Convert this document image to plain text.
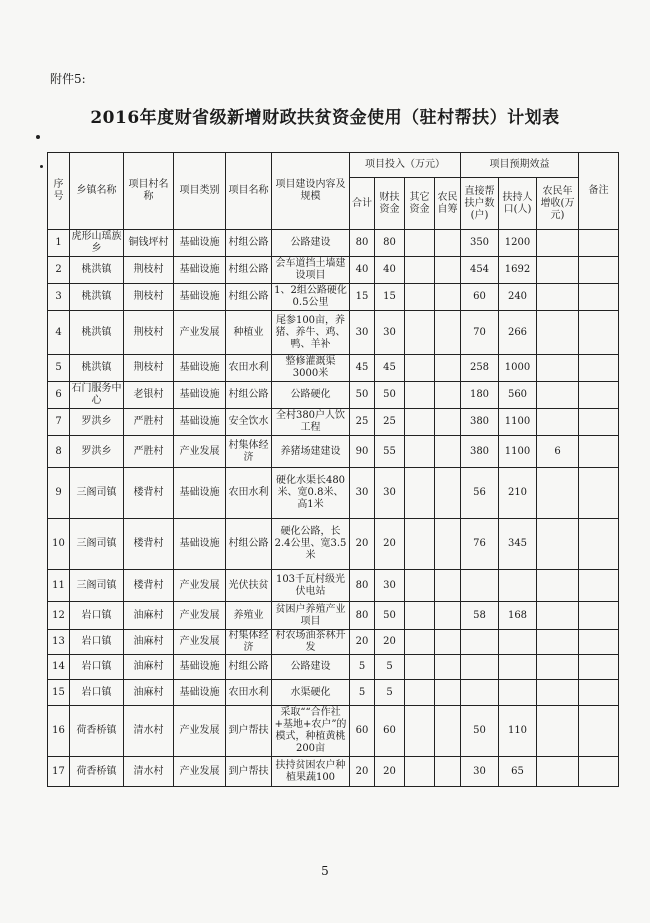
附件5:
2016年度财省级新增财政扶贫资金使用（驻村帮扶）计划表
序号	乡镇名称	项目村名称	项目类别	项目名称	项目建设内容及规模	项目投入（万元）				项目预期效益			备注
						合计	财扶资金	其它资金	农民自筹	直接帮扶户数(户)	扶持人口(人)	农民年增收(万元)	
1	虎形山瑶族乡	铜钱坪村	基础设施	村组公路	公路建设	80	80			350	1200		
2	桃洪镇	荆枝村	基础设施	村组公路	会车道挡土墙建设项目	40	40			454	1692		
3	桃洪镇	荆枝村	基础设施	村组公路	1、2组公路硬化0.5公里	15	15			60	240		
4	桃洪镇	荆枝村	产业发展	种植业	尾参100亩，养猪、养牛、鸡、鸭、羊补	30	30			70	266		
5	桃洪镇	荆枝村	基础设施	农田水利	整修灌溉渠3000米	45	45			258	1000		
6	石门服务中心	老银村	基础设施	村组公路	公路硬化	50	50			180	560		
7	罗洪乡	严胜村	基础设施	安全饮水	全村380户人饮工程	25	25			380	1100		
8	罗洪乡	严胜村	产业发展	村集体经济	养猪场建建设	90	55			380	1100	6	
9	三阁司镇	楼背村	基础设施	农田水利	硬化水渠长480米、宽0.8米、高1米	30	30			56	210		
10	三阁司镇	楼背村	基础设施	村组公路	硬化公路，长2.4公里、宽3.5米	20	20			76	345		
11	三阁司镇	楼背村	产业发展	光伏扶贫	103千瓦村级光伏电站	80	30						
12	岩口镇	油麻村	产业发展	养殖业	贫困户养殖产业项目	80	50			58	168		
13	岩口镇	油麻村	产业发展	村集体经济	村农场油茶林开发	20	20						
14	岩口镇	油麻村	基础设施	村组公路	公路建设	5	5						
15	岩口镇	油麻村	基础设施	农田水利	水渠硬化	5	5						
16	荷香桥镇	清水村	产业发展	到户帮扶	采取““合作社+基地+农户”的模式，种植黄桃200亩	60	60			50	110		
17	荷香桥镇	清水村	产业发展	到户帮扶	扶持贫困农户种植果蔬100	20	20			30	65		
5
